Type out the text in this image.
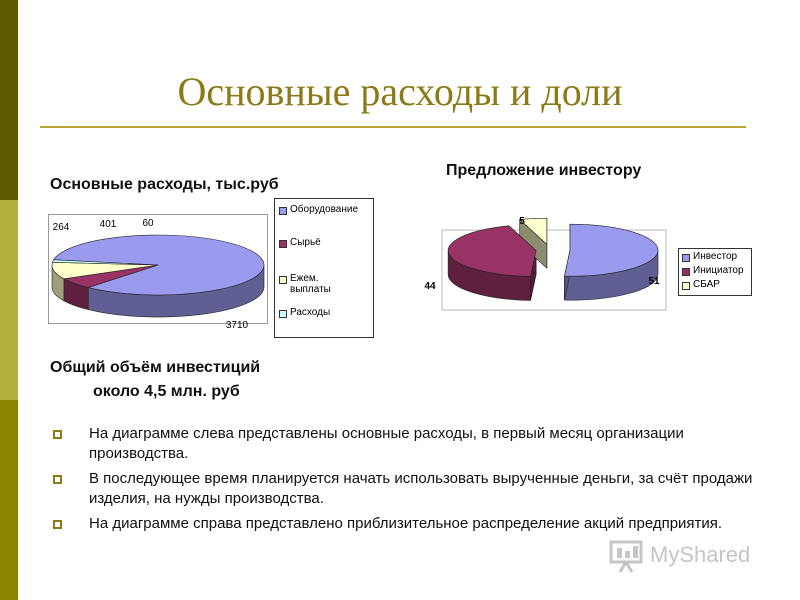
Основные расходы и доли
Основные расходы, тыс.руб
3710
264	401	60
Оборудование
Сырьё
Ежем. выплаты
Расходы
Предложение инвестору
51
44
5
Инвестор
Инициатор
СБАР
Общий объём инвестиций
около 4,5 млн. руб
На диаграмме слева представлены основные расходы, в первый месяц организации производства.
В последующее время планируется начать использовать вырученные деньги, за счёт продажи изделия, на нужды производства.
На диаграмме справа представлено приблизительное распределение акций предприятия.
MyShared
